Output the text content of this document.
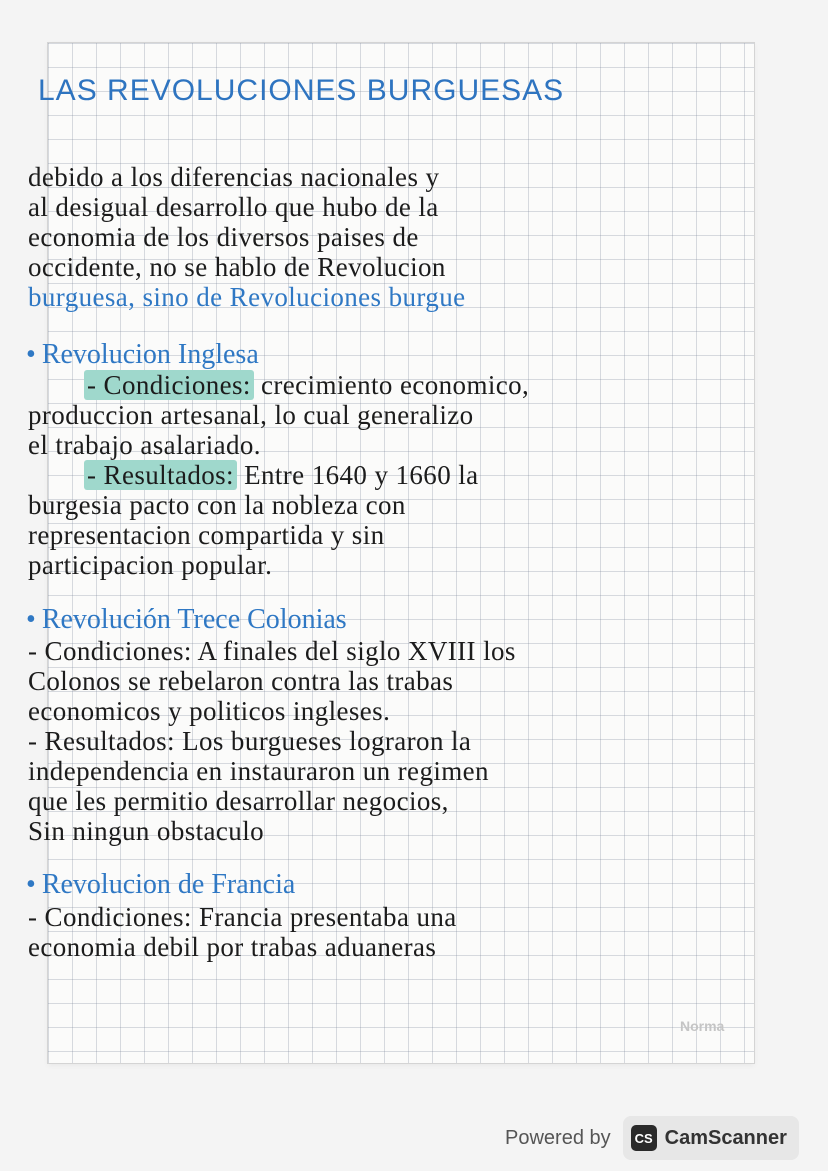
LAS REVOLUCIONES BURGUESAS

debido a los diferencias nacionales y

al desigual desarrollo que hubo de la

economia de los diversos paises de

occidente, no se hablo de Revolucion

burguesa, sino de Revoluciones burgue

• Revolucion Inglesa

- Condiciones: crecimiento economico,

produccion artesanal, lo cual generalizo

el trabajo asalariado.

- Resultados: Entre 1640 y 1660 la

burgesia pacto con la nobleza con

representacion compartida y sin

participacion popular.

• Revolución Trece Colonias

- Condiciones: A finales del siglo XVIII los

Colonos se rebelaron contra las trabas

economicos y politicos ingleses.

- Resultados: Los burgueses lograron la

independencia en instauraron un regimen

que les permitio desarrollar negocios,

Sin ningun obstaculo

• Revolucion de Francia

- Condiciones: Francia presentaba una

economia debil por trabas aduaneras

Norma
Powered by	CS CamScanner
